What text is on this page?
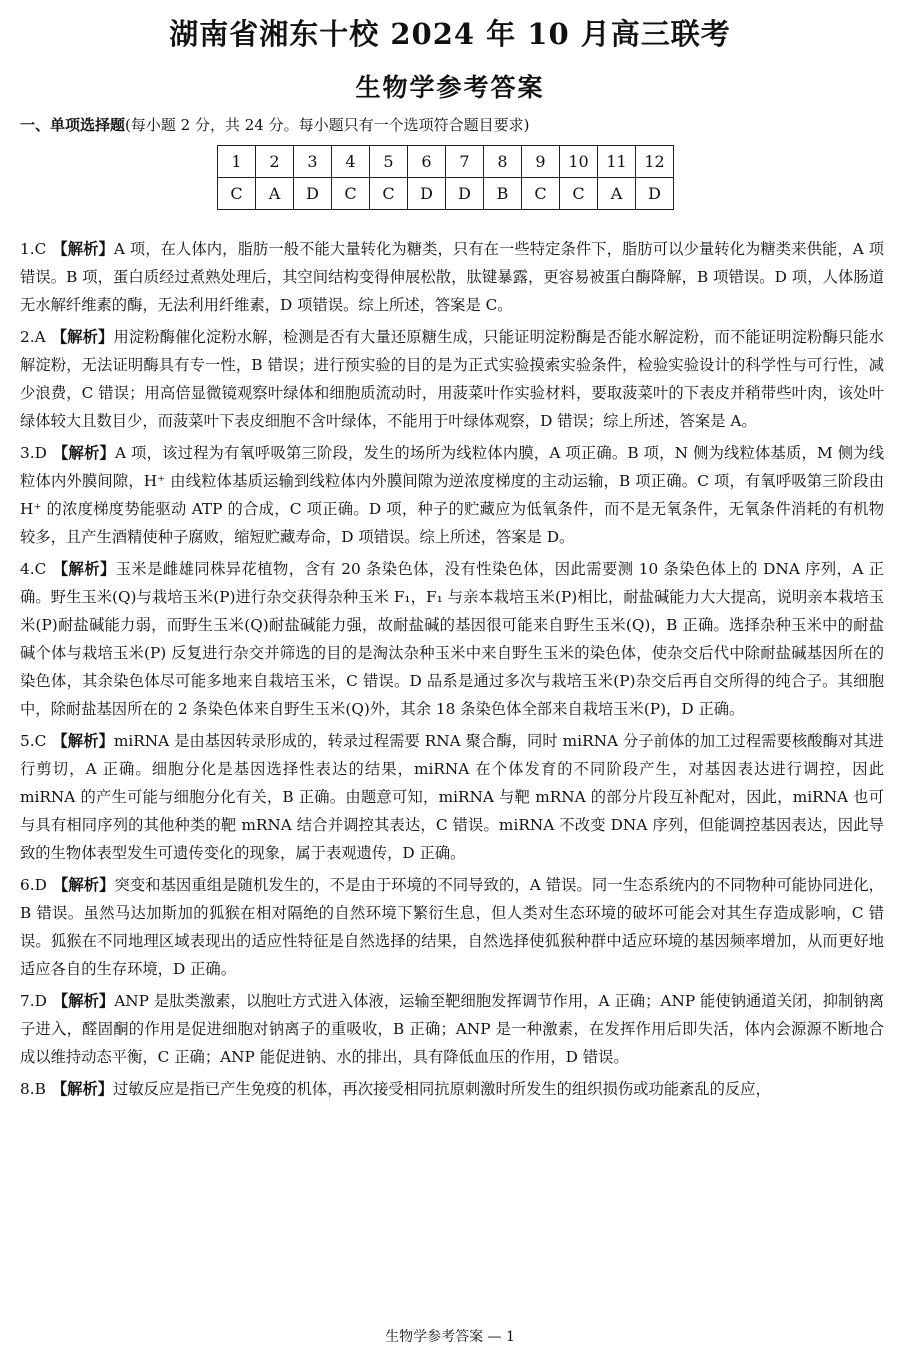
湖南省湘东十校 2024 年 10 月高三联考
生物学参考答案
一、单项选择题(每小题 2 分，共 24 分。每小题只有一个选项符合题目要求)
1	2	3	4	5	6	7	8	9	10	11	12
C	A	D	C	C	D	D	B	C	C	A	D

1.C 【解析】A 项，在人体内，脂肪一般不能大量转化为糖类，只有在一些特定条件下，脂肪可以少量转化为糖类来供能，A 项错误。B 项，蛋白质经过煮熟处理后，其空间结构变得伸展松散，肽键暴露，更容易被蛋白酶降解，B 项错误。D 项，人体肠道无水解纤维素的酶，无法利用纤维素，D 项错误。综上所述，答案是 C。

2.A 【解析】用淀粉酶催化淀粉水解，检测是否有大量还原糖生成，只能证明淀粉酶是否能水解淀粉，而不能证明淀粉酶只能水解淀粉，无法证明酶具有专一性，B 错误；进行预实验的目的是为正式实验摸索实验条件，检验实验设计的科学性与可行性，减少浪费，C 错误；用高倍显微镜观察叶绿体和细胞质流动时，用菠菜叶作实验材料，要取菠菜叶的下表皮并稍带些叶肉，该处叶绿体较大且数目少，而菠菜叶下表皮细胞不含叶绿体，不能用于叶绿体观察，D 错误；综上所述，答案是 A。

3.D 【解析】A 项，该过程为有氧呼吸第三阶段，发生的场所为线粒体内膜，A 项正确。B 项，N 侧为线粒体基质，M 侧为线粒体内外膜间隙，H⁺ 由线粒体基质运输到线粒体内外膜间隙为逆浓度梯度的主动运输，B 项正确。C 项，有氧呼吸第三阶段由 H⁺ 的浓度梯度势能驱动 ATP 的合成，C 项正确。D 项，种子的贮藏应为低氧条件，而不是无氧条件，无氧条件消耗的有机物较多，且产生酒精使种子腐败，缩短贮藏寿命，D 项错误。综上所述，答案是 D。

4.C 【解析】玉米是雌雄同株异花植物，含有 20 条染色体，没有性染色体，因此需要测 10 条染色体上的 DNA 序列，A 正确。野生玉米(Q)与栽培玉米(P)进行杂交获得杂种玉米 F₁，F₁ 与亲本栽培玉米(P)相比，耐盐碱能力大大提高，说明亲本栽培玉米(P)耐盐碱能力弱，而野生玉米(Q)耐盐碱能力强，故耐盐碱的基因很可能来自野生玉米(Q)，B 正确。选择杂种玉米中的耐盐碱个体与栽培玉米(P) 反复进行杂交并筛选的目的是淘汰杂种玉米中来自野生玉米的染色体，使杂交后代中除耐盐碱基因所在的染色体，其余染色体尽可能多地来自栽培玉米，C 错误。D 品系是通过多次与栽培玉米(P)杂交后再自交所得的纯合子。其细胞中，除耐盐基因所在的 2 条染色体来自野生玉米(Q)外，其余 18 条染色体全部来自栽培玉米(P)，D 正确。

5.C 【解析】miRNA 是由基因转录形成的，转录过程需要 RNA 聚合酶，同时 miRNA 分子前体的加工过程需要核酸酶对其进行剪切，A 正确。细胞分化是基因选择性表达的结果，miRNA 在个体发育的不同阶段产生，对基因表达进行调控，因此 miRNA 的产生可能与细胞分化有关，B 正确。由题意可知，miRNA 与靶 mRNA 的部分片段互补配对，因此，miRNA 也可与具有相同序列的其他种类的靶 mRNA 结合并调控其表达，C 错误。miRNA 不改变 DNA 序列，但能调控基因表达，因此导致的生物体表型发生可遗传变化的现象，属于表观遗传，D 正确。

6.D 【解析】突变和基因重组是随机发生的，不是由于环境的不同导致的，A 错误。同一生态系统内的不同物种可能协同进化，B 错误。虽然马达加斯加的狐猴在相对隔绝的自然环境下繁衍生息，但人类对生态环境的破坏可能会对其生存造成影响，C 错误。狐猴在不同地理区域表现出的适应性特征是自然选择的结果，自然选择使狐猴种群中适应环境的基因频率增加，从而更好地适应各自的生存环境，D 正确。

7.D 【解析】ANP 是肽类激素，以胞吐方式进入体液，运输至靶细胞发挥调节作用，A 正确；ANP 能使钠通道关闭，抑制钠离子进入，醛固酮的作用是促进细胞对钠离子的重吸收，B 正确；ANP 是一种激素，在发挥作用后即失活，体内会源源不断地合成以维持动态平衡，C 正确；ANP 能促进钠、水的排出，具有降低血压的作用，D 错误。

8.B 【解析】过敏反应是指已产生免疫的机体，再次接受相同抗原刺激时所发生的组织损伤或功能紊乱的反应，

生物学参考答案 — 1
